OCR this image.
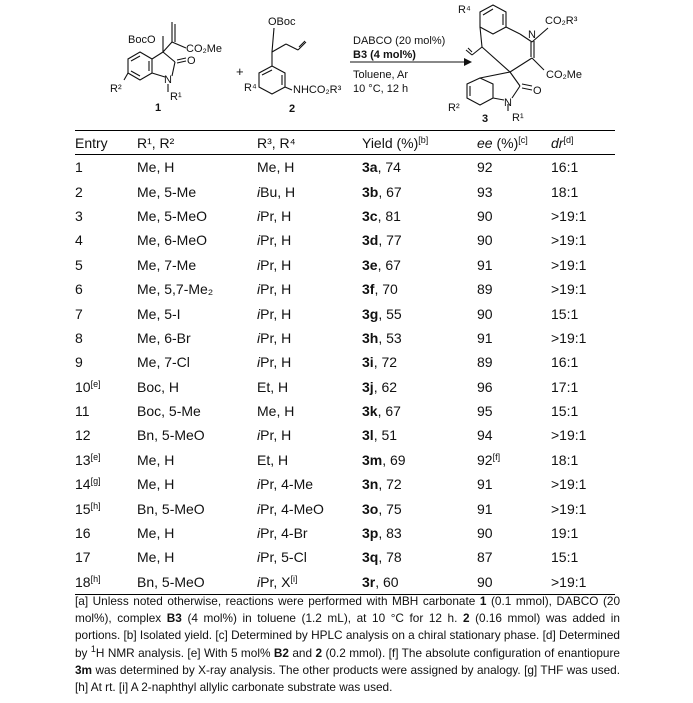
BocO
CO₂Me
O
N
R¹
R²
1
+
OBoc
NHCO₂R³
R⁴
2
DABCO (20 mol%)
B3 (4 mol%)
Toluene, Ar
10 °C, 12 h
R⁴
N
CO₂R³
CO₂Me
O
N
R¹
R²
3
Entry	R¹, R²	R³, R⁴	Yield (%)[b]	ee (%)[c]	dr[d]
1	Me, H	Me, H	3a, 74	92	16:1
2	Me, 5-Me	iBu, H	3b, 67	93	18:1
3	Me, 5-MeO	iPr, H	3c, 81	90	>19:1
4	Me, 6-MeO	iPr, H	3d, 77	90	>19:1
5	Me, 7-Me	iPr, H	3e, 67	91	>19:1
6	Me, 5,7-Me₂	iPr, H	3f, 70	89	>19:1
7	Me, 5-I	iPr, H	3g, 55	90	15:1
8	Me, 6-Br	iPr, H	3h, 53	91	>19:1
9	Me, 7-Cl	iPr, H	3i, 72	89	16:1
10[e]	Boc, H	Et, H	3j, 62	96	17:1
11	Boc, 5-Me	Me, H	3k, 67	95	15:1
12	Bn, 5-MeO	iPr, H	3l, 51	94	>19:1
13[e]	Me, H	Et, H	3m, 69	92[f]	18:1
14[g]	Me, H	iPr, 4-Me	3n, 72	91	>19:1
15[h]	Bn, 5-MeO	iPr, 4-MeO	3o, 75	91	>19:1
16	Me, H	iPr, 4-Br	3p, 83	90	19:1
17	Me, H	iPr, 5-Cl	3q, 78	87	15:1
18[h]	Bn, 5-MeO	iPr, X[i]	3r, 60	90	>19:1

[a] Unless noted otherwise, reactions were performed with MBH carbonate 1 (0.1 mmol), DABCO (20 mol%), complex B3 (4 mol%) in toluene (1.2 mL), at 10 °C for 12 h. 2 (0.16 mmol) was added in portions. [b] Isolated yield. [c] Determined by HPLC analysis on a chiral stationary phase. [d] Determined by $^1$H NMR analysis. [e] With 5 mol% B2 and 2 (0.2 mmol). [f] The absolute configuration of enantiopure 3m was determined by X-ray analysis. The other products were assigned by analogy. [g] THF was used. [h] At rt. [i] A 2-naphthyl allylic carbonate substrate was used.
